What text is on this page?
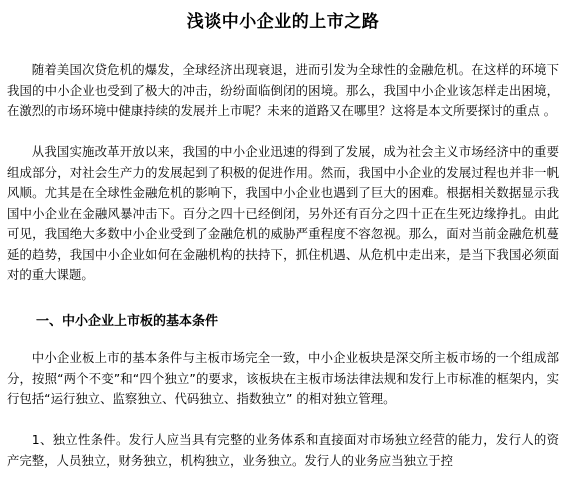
浅谈中小企业的上市之路

随着美国次贷危机的爆发，全球经济出现衰退，进而引发为全球性的金融危机。在这样的环境下我国的中小企业也受到了极大的冲击，纷纷面临倒闭的困境。那么，我国中小企业该怎样走出困境，在激烈的市场环境中健康持续的发展并上市呢？未来的道路又在哪里？这将是本文所要探讨的重点 。

从我国实施改革开放以来，我国的中小企业迅速的得到了发展，成为社会主义市场经济中的重要组成部分，对社会生产力的发展起到了积极的促进作用。然而，我国中小企业的发展过程也并非一帆风顺。尤其是在全球性金融危机的影响下，我国中小企业也遇到了巨大的困难。根据相关数据显示我国中小企业在金融风暴冲击下。百分之四十已经倒闭，另外还有百分之四十正在生死边缘挣扎。由此可见，我国绝大多数中小企业受到了金融危机的威胁严重程度不容忽视。那么，面对当前金融危机蔓延的趋势，我国中小企业如何在金融机构的扶持下，抓住机遇、从危机中走出来，是当下我国必须面对的重大课题。

一、中小企业上市板的基本条件

中小企业板上市的基本条件与主板市场完全一致，中小企业板块是深交所主板市场的一个组成部分，按照“两个不变”和“四个独立”的要求，该板块在主板市场法律法规和发行上市标准的框架内，实行包括“运行独立、监察独立、代码独立、指数独立” 的相对独立管理。

1、独立性条件。发行人应当具有完整的业务体系和直接面对市场独立经营的能力，发行人的资产完整，人员独立，财务独立，机构独立，业务独立。发行人的业务应当独立于控
